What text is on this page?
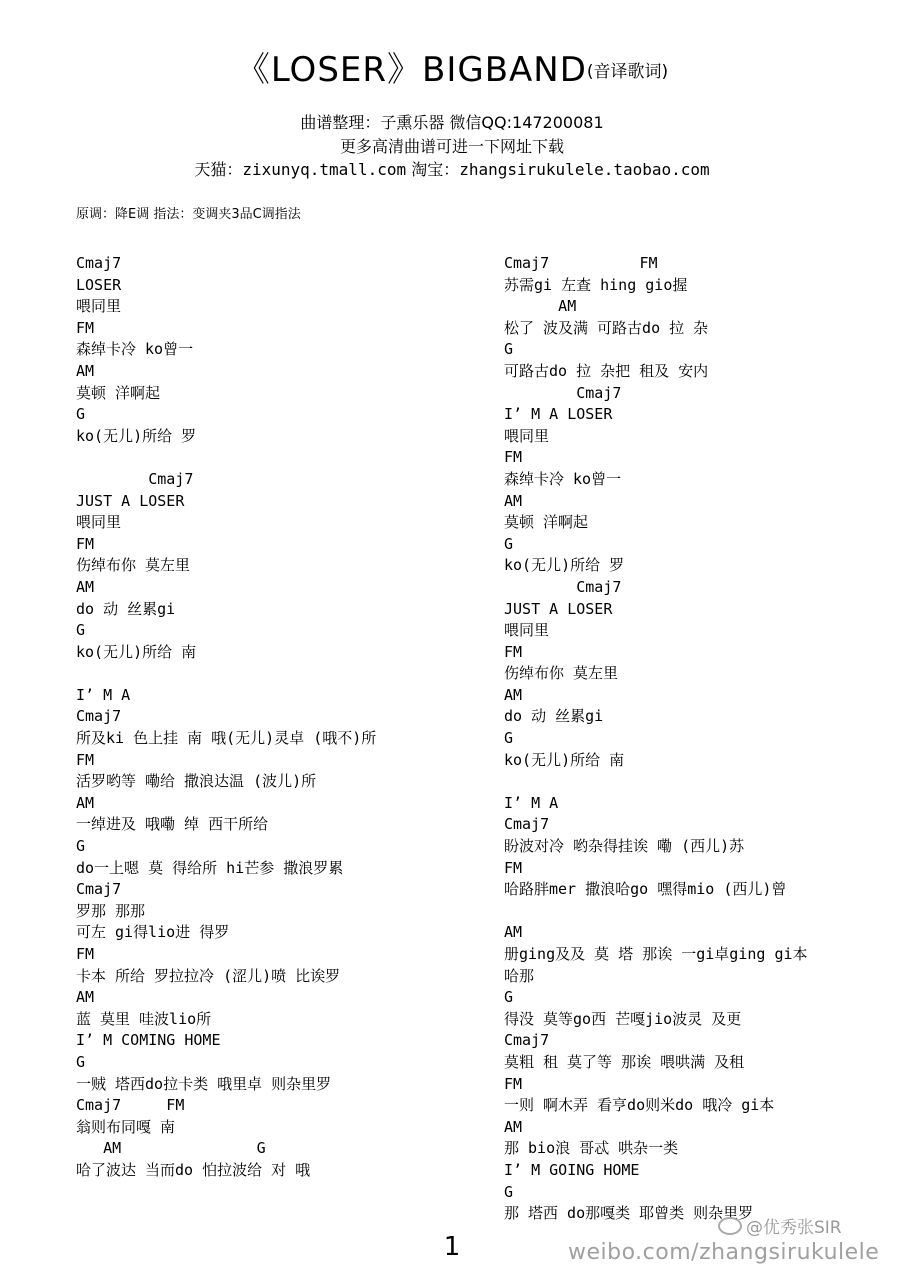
《LOSER》BIGBAND(音译歌词)
曲谱整理：子熏乐器 微信QQ:147200081
更多高清曲谱可进一下网址下载
天猫：zixunyq.tmall.com 淘宝：zhangsirukulele.taobao.com
原调：降E调 指法：变调夹3品C调指法
Cmaj7
LOSER
喂同里
FM
森绰卡冷 ko曾一
AM
莫顿 洋啊起
G
ko(无儿)所给 罗
Cmaj7
JUST A LOSER
喂同里
FM
伤绰布你 莫左里
AM
do 动 丝累gi
G
ko(无儿)所给 南
I’ M A
Cmaj7
所及ki 色上挂 南 哦(无儿)灵卓 (哦不)所
FM
活罗哟等 嘞给 撒浪达温 (波儿)所
AM
一绰进及 哦嘞 绰 西干所给
G
do一上嗯 莫 得给所 hi芒参 撒浪罗累
Cmaj7
罗那 那那
可左 gi得lio进 得罗
FM
卡本 所给 罗拉拉冷 (涩儿)喷 比诶罗
AM
蓝 莫里 哇波lio所
I’ M COMING HOME
G
一贼 塔西do拉卡类 哦里卓 则杂里罗
Cmaj7     FM
翁则布同嘎 南
AM               G
哈了波达 当而do 怕拉波给 对 哦
Cmaj7          FM
苏需gi 左查 hing gio握
AM
松了 波及满 可路古do 拉 杂
G
可路古do 拉 杂把 租及 安内
Cmaj7
I’ M A LOSER
喂同里
FM
森绰卡冷 ko曾一
AM
莫顿 洋啊起
G
ko(无儿)所给 罗
Cmaj7
JUST A LOSER
喂同里
FM
伤绰布你 莫左里
AM
do 动 丝累gi
G
ko(无儿)所给 南
I’ M A
Cmaj7
盼波对冷 哟杂得挂诶 嘞 (西儿)苏
FM
哈路胖mer 撒浪哈go 嘿得mio (西儿)曾
AM
册ging及及 莫 塔 那诶 一gi卓ging gi本
哈那
G
得没 莫等go西 芒嘎jio波灵 及更
Cmaj7
莫粗 租 莫了等 那诶 喂哄满 及租
FM
一则 啊木弄 看亨do则米do 哦冷 gi本
AM
那 bio浪 哥忒 哄杂一类
I’ M GOING HOME
G
那 塔西 do那嘎类 耶曾类 则杂里罗
1
@优秀张SIR
weibo.com/zhangsirukulele
